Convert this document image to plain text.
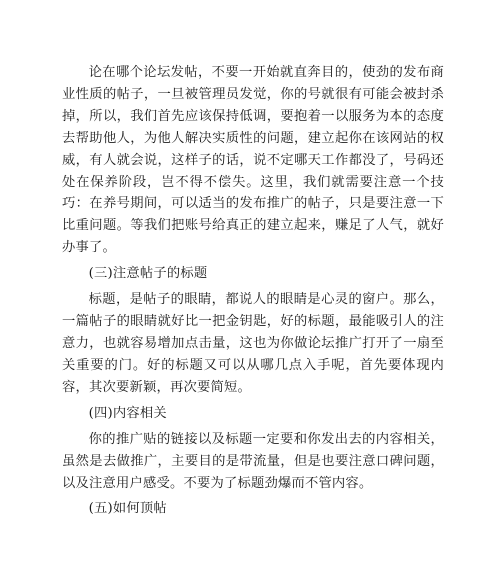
论在哪个论坛发帖，不要一开始就直奔目的，使劲的发布商业性质的帖子，一旦被管理员发觉，你的号就很有可能会被封杀掉，所以，我们首先应该保持低调，要抱着一以服务为本的态度去帮助他人，为他人解决实质性的问题，建立起你在该网站的权威，有人就会说，这样子的话，说不定哪天工作都没了，号码还处在保养阶段，岂不得不偿失。这里，我们就需要注意一个技巧：在养号期间，可以适当的发布推广的帖子，只是要注意一下比重问题。等我们把账号给真正的建立起来，赚足了人气，就好办事了。

(三)注意帖子的标题

标题，是帖子的眼睛，都说人的眼睛是心灵的窗户。那么，一篇帖子的眼睛就好比一把金钥匙，好的标题，最能吸引人的注意力，也就容易增加点击量，这也为你做论坛推广打开了一扇至关重要的门。好的标题又可以从哪几点入手呢，首先要体现内容，其次要新颖，再次要简短。

(四)内容相关

你的推广贴的链接以及标题一定要和你发出去的内容相关，虽然是去做推广，主要目的是带流量，但是也要注意口碑问题，以及注意用户感受。不要为了标题劲爆而不管内容。

(五)如何顶帖
